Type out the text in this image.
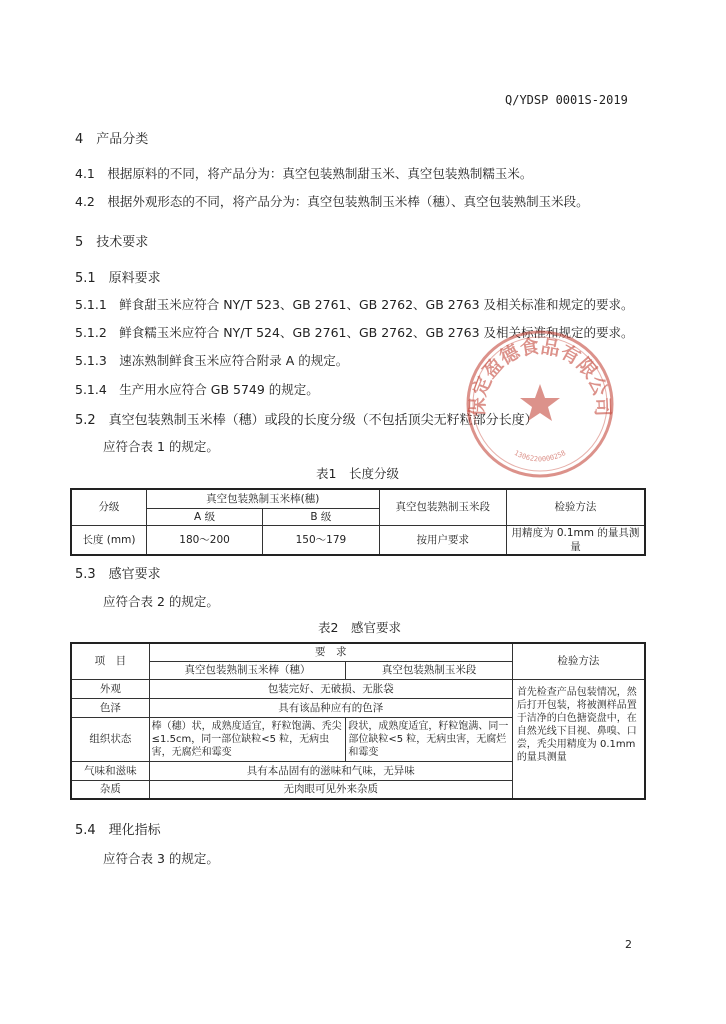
Q/YDSP 0001S-2019
4　产品分类
4.1　根据原料的不同，将产品分为：真空包装熟制甜玉米、真空包装熟制糯玉米。
4.2　根据外观形态的不同，将产品分为：真空包装熟制玉米棒（穗）、真空包装熟制玉米段。
5　技术要求
5.1　原料要求
5.1.1　鲜食甜玉米应符合 NY/T 523、GB 2761、GB 2762、GB 2763 及相关标准和规定的要求。
5.1.2　鲜食糯玉米应符合 NY/T 524、GB 2761、GB 2762、GB 2763 及相关标准和规定的要求。
5.1.3　速冻熟制鲜食玉米应符合附录 A 的规定。
5.1.4　生产用水应符合 GB 5749 的规定。
5.2　真空包装熟制玉米棒（穗）或段的长度分级（不包括顶尖无籽粒部分长度）
应符合表 1 的规定。
表1　长度分级
分级	真空包装熟制玉米棒(穗)		真空包装熟制玉米段	检验方法
	A 级	B 级		
长度 (mm)	180～200	150～179	按用户要求	用精度为 0.1mm 的量具测量
5.3　感官要求
应符合表 2 的规定。
表2　感官要求
项　目	要　求		检验方法
	真空包装熟制玉米棒（穗）	真空包装熟制玉米段	
外观	包装完好、无破损、无胀袋		首先检查产品包装情况，然后打开包装，将被测样品置于洁净的白色搪瓷盘中，在自然光线下目视、鼻嗅、口尝，秃尖用精度为 0.1mm 的量具测量
色泽	具有该品种应有的色泽		
组织状态	棒（穗）状，成熟度适宜，籽粒饱满、秃尖≤1.5cm，同一部位缺粒<5 粒，无病虫害，无腐烂和霉变	段状，成熟度适宜，籽粒饱满、同一部位缺粒<5 粒，无病虫害，无腐烂和霉变	
气味和滋味	具有本品固有的滋味和气味，无异味		
杂质	无肉眼可见外来杂质		
5.4　理化指标
应符合表 3 的规定。
2
保定盈德食品有限公司
1306220000258
